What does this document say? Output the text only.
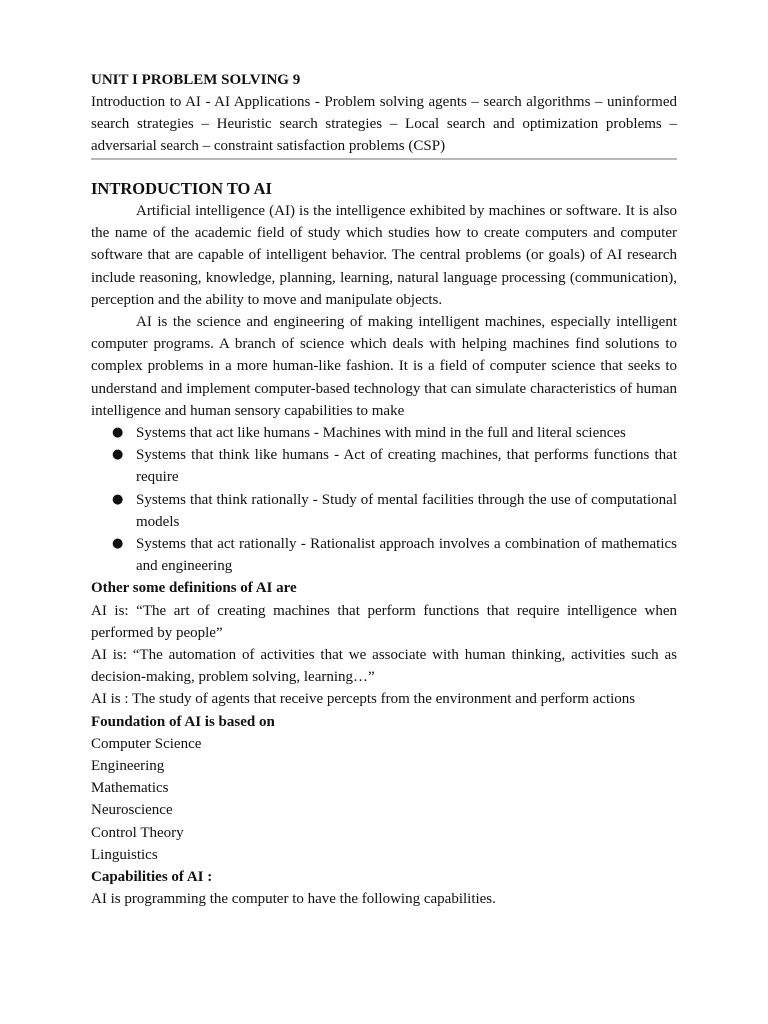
UNIT I PROBLEM SOLVING 9
Introduction to AI - AI Applications - Problem solving agents – search algorithms – uninformed search strategies – Heuristic search strategies – Local search and optimization problems – adversarial search – constraint satisfaction problems (CSP)
INTRODUCTION TO AI

Artificial intelligence (AI) is the intelligence exhibited by machines or software. It is also the name of the academic field of study which studies how to create computers and computer software that are capable of intelligent behavior. The central problems (or goals) of AI research include reasoning, knowledge, planning, learning, natural language processing (communication), perception and the ability to move and manipulate objects.

AI is the science and engineering of making intelligent machines, especially intelligent computer programs. A branch of science which deals with helping machines find solutions to complex problems in a more human-like fashion. It is a field of computer science that seeks to understand and implement computer-based technology that can simulate characteristics of human intelligence and human sensory capabilities to make

● Systems that act like humans - Machines with mind in the full and literal sciences
● Systems that think like humans - Act of creating machines, that performs functions that require
● Systems that think rationally - Study of mental facilities through the use of computational models
● Systems that act rationally - Rationalist approach involves a combination of mathematics and engineering
Other some definitions of AI are
AI is: “The art of creating machines that perform functions that require intelligence when performed by people”
AI is: “The automation of activities that we associate with human thinking, activities such as decision-making, problem solving, learning…”
AI is : The study of agents that receive percepts from the environment and perform actions
Foundation of AI is based on
Computer Science
Engineering
Mathematics
Neuroscience
Control Theory
Linguistics
Capabilities of AI :
AI is programming the computer to have the following capabilities.
